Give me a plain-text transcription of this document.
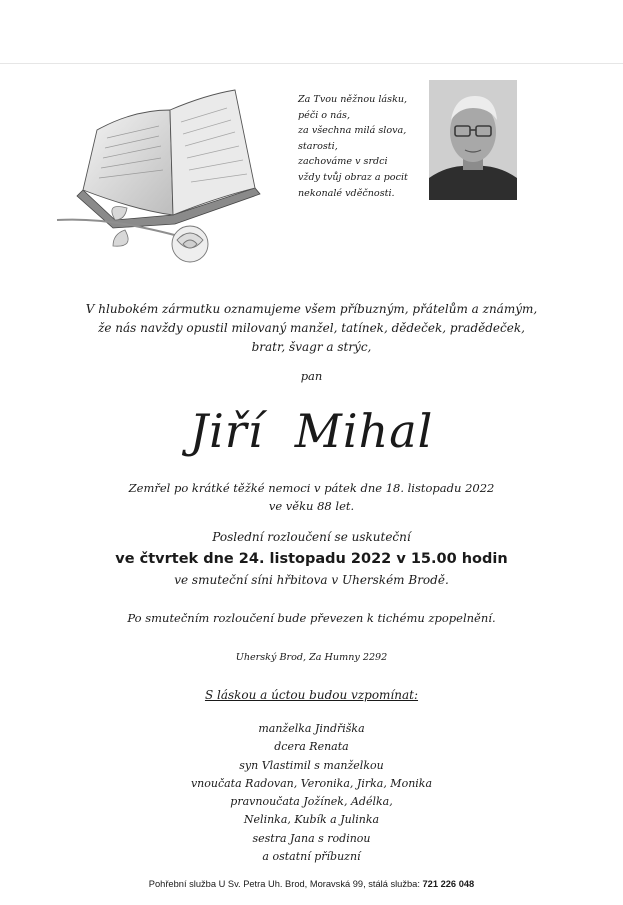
Za Tvou něžnou lásku,
péči o nás,
za všechna milá slova,
starosti,
zachováme v srdci
vždy tvůj obraz a pocit
nekonalé vděčnosti.
V hlubokém zármutku oznamujeme všem příbuzným, přátelům a známým,
že nás navždy opustil milovaný manžel, tatínek, dědeček, pradědeček,
bratr, švagr a strýc,
pan
Jiří  Mihal
Zemřel po krátké těžké nemoci v pátek dne 18. listopadu 2022
ve věku 88 let.
Poslední rozloučení se uskuteční
ve čtvrtek dne 24. listopadu 2022 v 15.00 hodin
ve smuteční síni hřbitova v Uherském Brodě.
Po smutečním rozloučení bude převezen k tichému zpopelnění.
Uherský Brod, Za Humny 2292
S láskou a úctou budou vzpomínat:
manželka Jindřiška
dcera Renata
syn Vlastimil s manželkou
vnoučata Radovan, Veronika, Jirka, Monika
pravnoučata Jožínek, Adélka,
Nelinka, Kubík a Julinka
sestra Jana s rodinou
a ostatní příbuzní
Pohřební služba U Sv. Petra Uh. Brod, Moravská 99, stálá služba: 721 226 048
